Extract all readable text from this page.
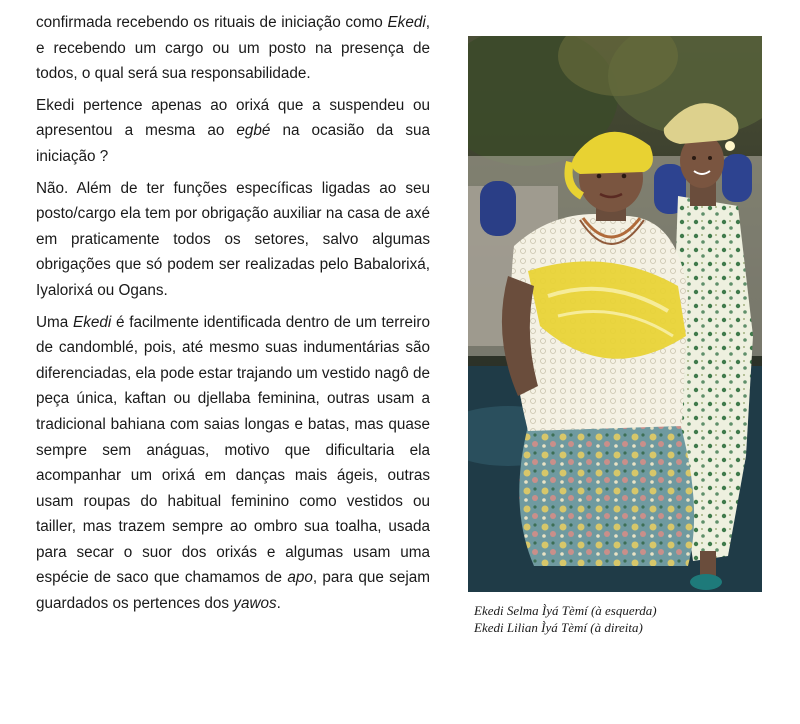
confirmada recebendo os rituais de iniciação como Ekedi, e recebendo um cargo ou um posto na presença de todos, o qual será sua responsabilidade.

Ekedi pertence apenas ao orixá que a suspendeu ou apresentou a mesma ao egbé na ocasião da sua iniciação ?

Não. Além de ter funções específicas ligadas ao seu posto/cargo ela tem por obrigação auxiliar na casa de axé em praticamente todos os setores, salvo algumas obrigações que só podem ser realizadas pelo Babalorixá, Iyalorixá ou Ogans.

Uma Ekedi é facilmente identificada dentro de um terreiro de candomblé, pois, até mesmo suas indumentárias são diferenciadas, ela pode estar trajando um vestido nagô de peça única, kaftan ou djellaba feminina, outras usam a tradicional bahiana com saias longas e batas, mas quase sempre sem anáguas, motivo que dificultaria ela acompanhar um orixá em danças mais ágeis, outras usam roupas do habitual feminino como vestidos ou tailler, mas trazem sempre ao ombro sua toalha, usada para secar o suor dos orixás e algumas usam uma espécie de saco que chamamos de apo, para que sejam guardados os pertences dos yawos.	Ekedi Selma Ìyá Tèmí (à esquerda)
Ekedi Lilian Ìyá Tèmí (à direita)
